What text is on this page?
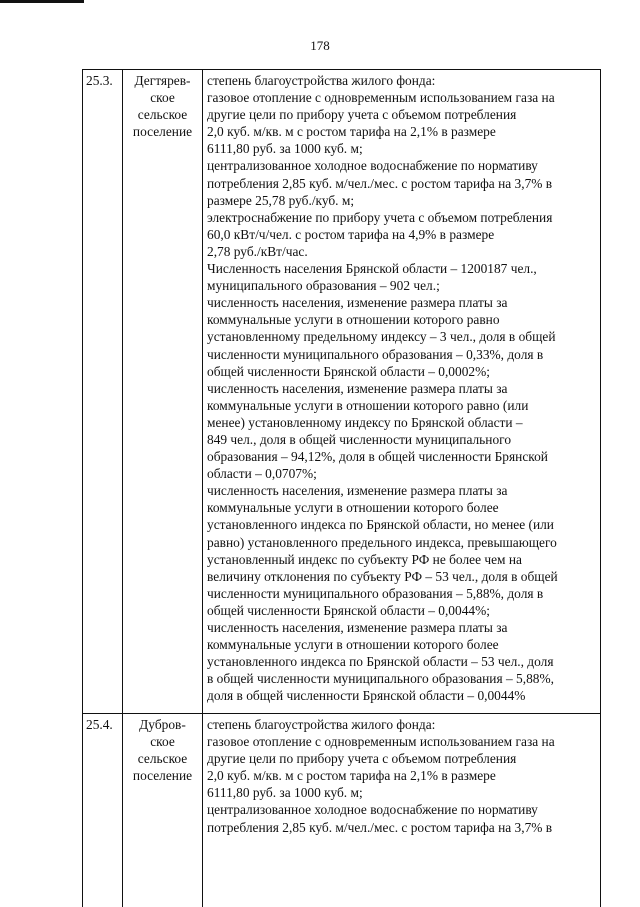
178
25.3.	Дегтярев-
ское
сельское
поселение
степень благоустройства жилого фонда:
газовое отопление с одновременным использованием газа на
другие цели по прибору учета с объемом потребления
2,0 куб. м/кв. м с ростом тарифа на 2,1% в размере
6111,80 руб. за 1000 куб. м;
централизованное холодное водоснабжение по нормативу
потребления 2,85 куб. м/чел./мес. с ростом тарифа на 3,7% в
размере 25,78 руб./куб. м;
электроснабжение по прибору учета с объемом потребления
60,0 кВт/ч/чел. с ростом тарифа на 4,9% в размере
2,78 руб./кВт/час.
Численность населения Брянской области – 1200187 чел.,
муниципального образования – 902 чел.;
численность населения, изменение размера платы за
коммунальные услуги в отношении которого равно
установленному предельному индексу – 3 чел., доля в общей
численности муниципального образования – 0,33%, доля в
общей численности Брянской области – 0,0002%;
численность населения, изменение размера платы за
коммунальные услуги в отношении которого равно (или
менее) установленному индексу по Брянской области –
849 чел., доля в общей численности муниципального
образования – 94,12%, доля в общей численности Брянской
области – 0,0707%;
численность населения, изменение размера платы за
коммунальные услуги в отношении которого более
установленного индекса по Брянской области, но менее (или
равно) установленного предельного индекса, превышающего
установленный индекс по субъекту РФ не более чем на
величину отклонения по субъекту РФ – 53 чел., доля в общей
численности муниципального образования – 5,88%, доля в
общей численности Брянской области – 0,0044%;
численность населения, изменение размера платы за
коммунальные услуги в отношении которого более
установленного индекса по Брянской области – 53 чел., доля
в общей численности муниципального образования – 5,88%,
доля в общей численности Брянской области – 0,0044%
25.4.	Дубров-
ское
сельское
поселение
степень благоустройства жилого фонда:
газовое отопление с одновременным использованием газа на
другие цели по прибору учета с объемом потребления
2,0 куб. м/кв. м с ростом тарифа на 2,1% в размере
6111,80 руб. за 1000 куб. м;
централизованное холодное водоснабжение по нормативу
потребления 2,85 куб. м/чел./мес. с ростом тарифа на 3,7% в
